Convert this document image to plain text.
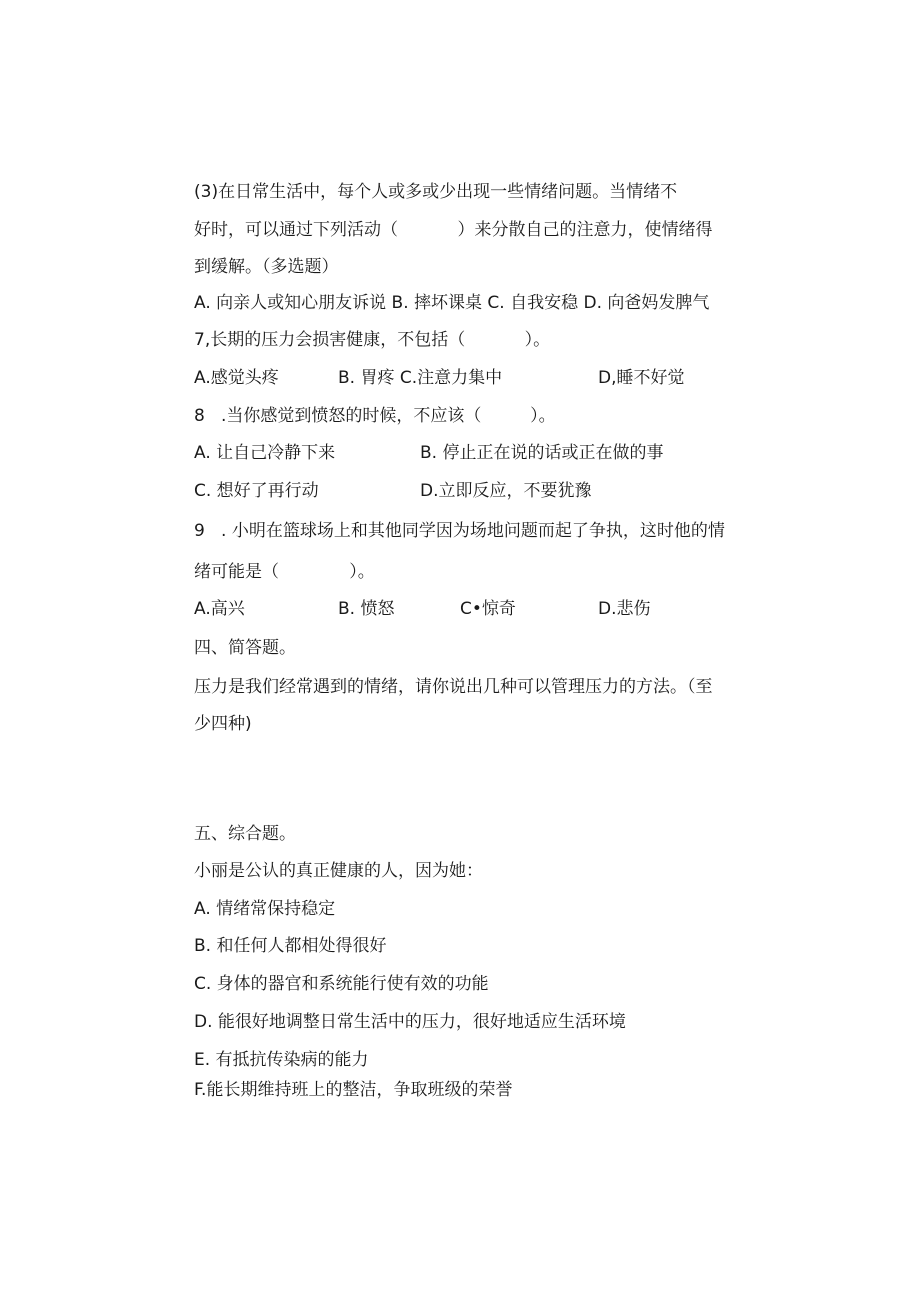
(3)在日常生活中，每个人或多或少出现一些情绪问题。当情绪不
好时，可以通过下列活动（           ）来分散自己的注意力，使情绪得
到缓解。（多选题）
A. 向亲人或知心朋友诉说 B. 摔坏课桌 C. 自我安稳 D. 向爸妈发脾气
7,长期的压力会损害健康，不包括（           ）。
A.感觉头疼	B. 胃疼 C.注意力集中	D,睡不好觉
8   .当你感觉到愤怒的时候，不应该（         ）。
A. 让自己冷静下来	B. 停止正在说的话或正在做的事
C. 想好了再行动	D.立即反应，不要犹豫
9   . 小明在篮球场上和其他同学因为场地问题而起了争执，这时他的情
绪可能是（             ）。
A.高兴	B. 愤怒	C•惊奇	D.悲伤
四、简答题。
压力是我们经常遇到的情绪，请你说出几种可以管理压力的方法。（至
少四种)
五、综合题。
小丽是公认的真正健康的人，因为她：
A. 情绪常保持稳定
B. 和任何人都相处得很好
C. 身体的器官和系统能行使有效的功能
D. 能很好地调整日常生活中的压力，很好地适应生活环境
E. 有抵抗传染病的能力
F.能长期维持班上的整洁，争取班级的荣誉
